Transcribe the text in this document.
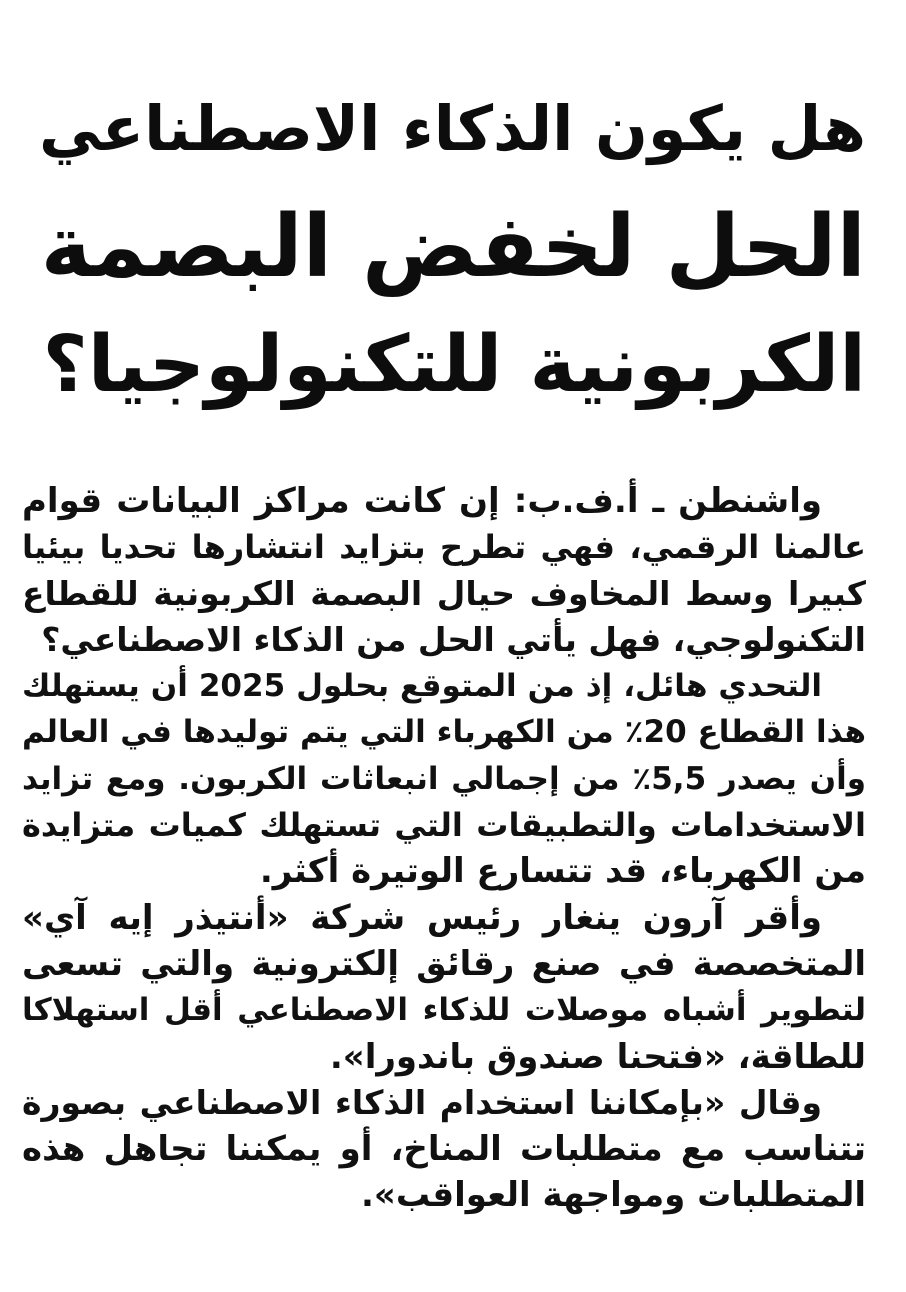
هل يكون الذكاء الاصطناعي
الحل لخفض البصمة
الكربونية للتكنولوجيا؟

واشنطن ـ أ.ف.ب: إن كانت مراكز البيانات قوام
عالمنا الرقمي، فهي تطرح بتزايد انتشارها تحديا بيئيا
كبيرا وسط المخاوف حيال البصمة الكربونية للقطاع
التكنولوجي، فهل يأتي الحل من الذكاء الاصطناعي؟

التحدي هائل، إذ من المتوقع بحلول 2025 أن يستهلك
هذا القطاع 20٪ من الكهرباء التي يتم توليدها في العالم
وأن يصدر 5,5٪ من إجمالي انبعاثات الكربون. ومع تزايد
الاستخدامات والتطبيقات التي تستهلك كميات متزايدة
من الكهرباء، قد تتسارع الوتيرة أكثر.

وأقر آرون ينغار رئيس شركة «أنتيذر إيه آي»
المتخصصة في صنع رقائق إلكترونية والتي تسعى
لتطوير أشباه موصلات للذكاء الاصطناعي أقل استهلاكا
للطاقة، «فتحنا صندوق باندورا».

وقال «بإمكاننا استخدام الذكاء الاصطناعي بصورة
تتناسب مع متطلبات المناخ، أو يمكننا تجاهل هذه
المتطلبات ومواجهة العواقب».
